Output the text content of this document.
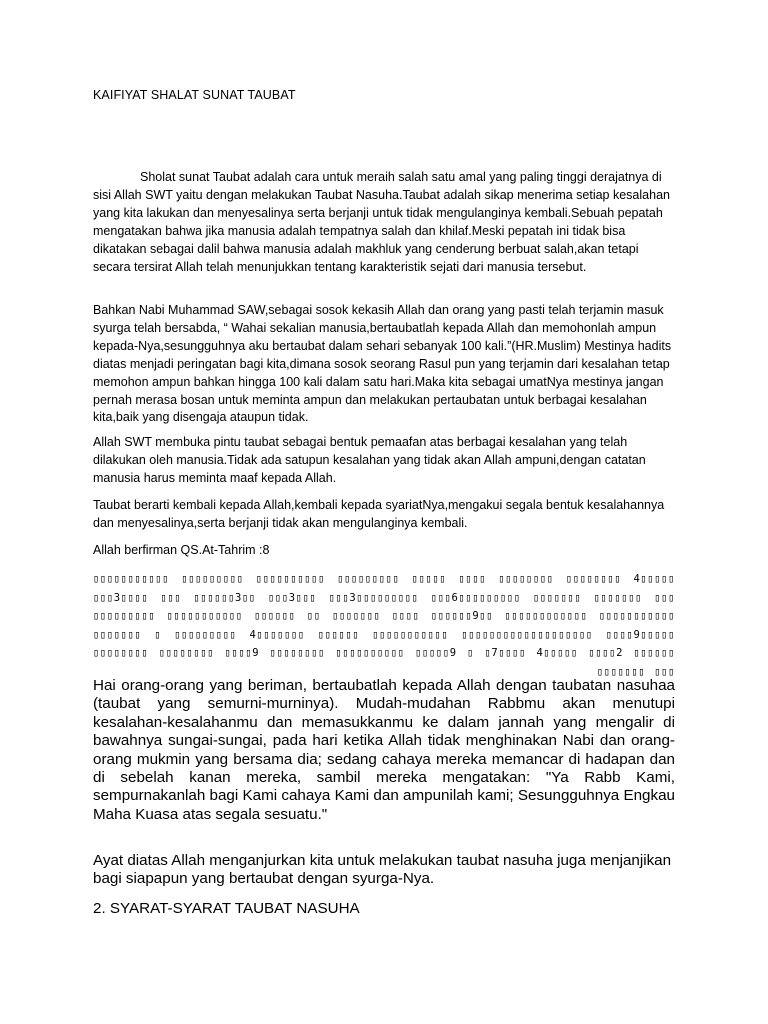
KAIFIYAT SHALAT SUNAT TAUBAT
Sholat sunat Taubat adalah cara untuk meraih salah satu amal yang paling tinggi derajatnya di sisi Allah SWT yaitu dengan melakukan Taubat Nasuha.Taubat adalah sikap menerima setiap kesalahan yang kita lakukan dan menyesalinya serta berjanji untuk tidak mengulanginya kembali.Sebuah pepatah mengatakan bahwa jika manusia adalah tempatnya salah dan khilaf.Meski pepatah ini tidak bisa dikatakan sebagai dalil bahwa manusia adalah makhluk yang cenderung berbuat salah,akan tetapi secara tersirat Allah telah menunjukkan tentang karakteristik sejati dari manusia tersebut.
Bahkan Nabi Muhammad SAW,sebagai sosok kekasih Allah dan orang yang pasti telah terjamin masuk syurga telah bersabda, “ Wahai sekalian manusia,bertaubatlah kepada Allah dan memohonlah ampun kepada-Nya,sesungguhnya aku bertaubat dalam sehari sebanyak 100 kali.”(HR.Muslim) Mestinya hadits diatas menjadi peringatan bagi kita,dimana sosok seorang Rasul pun yang terjamin dari kesalahan tetap memohon ampun bahkan hingga 100 kali dalam satu hari.Maka kita sebagai umatNya mestinya jangan pernah merasa bosan untuk meminta ampun dan melakukan pertaubatan untuk berbagai kesalahan kita,baik yang disengaja ataupun tidak.
Allah SWT membuka pintu taubat sebagai bentuk pemaafan atas berbagai kesalahan yang telah dilakukan oleh manusia.Tidak ada satupun kesalahan yang tidak akan Allah ampuni,dengan catatan manusia harus meminta maaf kepada Allah.
Taubat berarti kembali kepada Allah,kembali kepada syariatNya,mengakui segala bentuk kesalahannya dan menyesalinya,serta berjanji tidak akan mengulanginya kembali.
Allah berfirman QS.At-Tahrim :8
▯▯▯▯▯▯▯▯▯▯▯ ▯▯▯▯▯▯▯▯▯ ▯▯▯▯▯▯▯▯▯▯ ▯▯▯▯▯▯▯▯▯ ▯▯▯▯▯ ▯▯▯▯ ▯▯▯▯▯▯▯▯ ▯▯▯▯▯▯▯▯ 4▯▯▯▯▯ ▯▯▯3▯▯▯▯ ▯▯▯ ▯▯▯▯▯▯3▯▯ ▯▯▯3▯▯▯ ▯▯▯3▯▯▯▯▯▯▯▯▯ ▯▯▯6▯▯▯▯▯▯▯▯▯ ▯▯▯▯▯▯▯ ▯▯▯▯▯▯▯ ▯▯▯ ▯▯▯▯▯▯▯▯▯ ▯▯▯▯▯▯▯▯▯▯▯ ▯▯▯▯▯▯ ▯▯ ▯▯▯▯▯▯▯ ▯▯▯▯ ▯▯▯▯▯▯9▯▯ ▯▯▯▯▯▯▯▯▯▯▯▯ ▯▯▯▯▯▯▯▯▯▯▯ ▯▯▯▯▯▯▯ ▯ ▯▯▯▯▯▯▯▯▯ 4▯▯▯▯▯▯▯ ▯▯▯▯▯▯ ▯▯▯▯▯▯▯▯▯▯▯ ▯▯▯▯▯▯▯▯▯▯▯▯▯▯▯▯▯▯▯ ▯▯▯▯9▯▯▯▯▯ ▯▯▯▯▯▯▯▯ ▯▯▯▯▯▯▯▯ ▯▯▯▯9 ▯▯▯▯▯▯▯▯ ▯▯▯▯▯▯▯▯▯▯ ▯▯▯▯▯9 ▯ ▯7▯▯▯▯ 4▯▯▯▯▯ ▯▯▯▯2 ▯▯▯▯▯▯ ▯▯▯▯▯▯▯ ▯▯▯
Hai orang-orang yang beriman, bertaubatlah kepada Allah dengan taubatan nasuhaa (taubat yang semurni-murninya). Mudah-mudahan Rabbmu akan menutupi kesalahan-kesalahanmu dan memasukkanmu ke dalam jannah yang mengalir di bawahnya sungai-sungai, pada hari ketika Allah tidak menghinakan Nabi dan orang-orang mukmin yang bersama dia; sedang cahaya mereka memancar di hadapan dan di sebelah kanan mereka, sambil mereka mengatakan: "Ya Rabb Kami, sempurnakanlah bagi Kami cahaya Kami dan ampunilah kami; Sesungguhnya Engkau Maha Kuasa atas segala sesuatu."
Ayat diatas Allah menganjurkan kita untuk melakukan taubat nasuha juga menjanjikan bagi siapapun yang bertaubat dengan syurga-Nya.
2. SYARAT-SYARAT TAUBAT NASUHA
